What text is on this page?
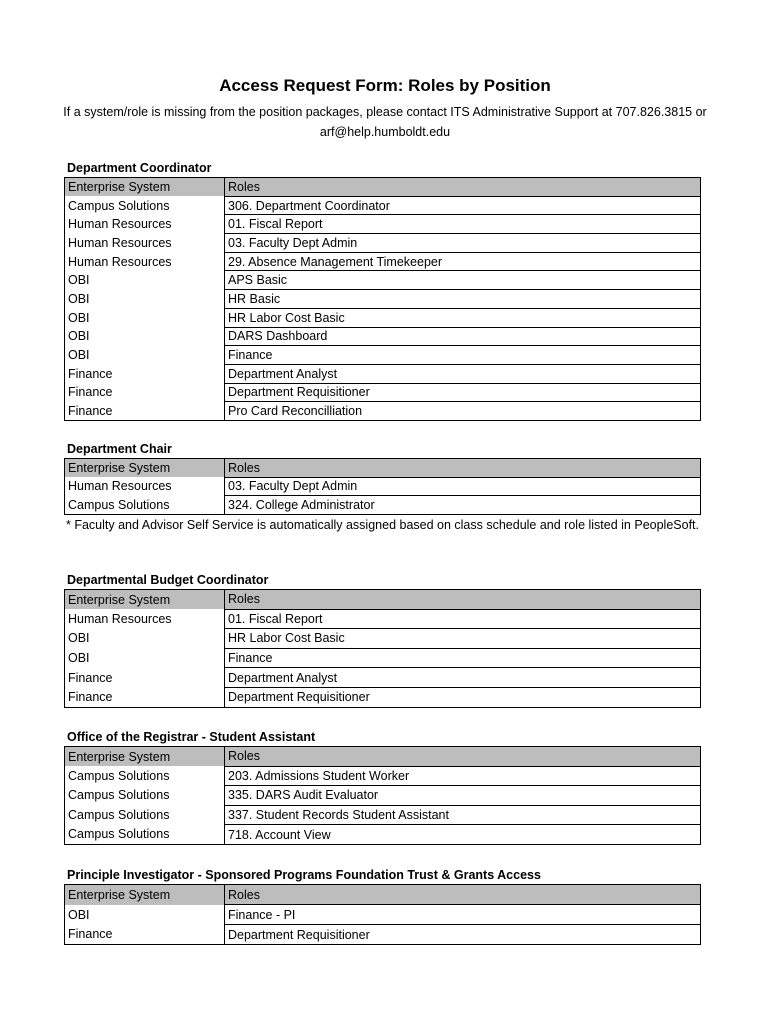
Access Request Form: Roles by Position
If a system/role is missing from the position packages, please contact ITS Administrative Support at 707.826.3815 or arf@help.humboldt.edu
Department Coordinator
Enterprise System	Roles
Campus Solutions	306. Department Coordinator
Human Resources	01. Fiscal Report
Human Resources	03. Faculty Dept Admin
Human Resources	29. Absence Management Timekeeper
OBI	APS Basic
OBI	HR Basic
OBI	HR Labor Cost Basic
OBI	DARS Dashboard
OBI	Finance
Finance	Department Analyst
Finance	Department Requisitioner
Finance	Pro Card Reconcilliation
Department Chair
Enterprise System	Roles
Human Resources	03. Faculty Dept Admin
Campus Solutions	324. College Administrator
* Faculty and Advisor Self Service is automatically assigned based on class schedule and role listed in PeopleSoft.
Departmental Budget Coordinator
Enterprise System	Roles
Human Resources	01. Fiscal Report
OBI	HR Labor Cost Basic
OBI	Finance
Finance	Department Analyst
Finance	Department Requisitioner
Office of the Registrar - Student Assistant
Enterprise System	Roles
Campus Solutions	203. Admissions Student Worker
Campus Solutions	335. DARS Audit Evaluator
Campus Solutions	337. Student Records Student Assistant
Campus Solutions	718. Account View
Principle Investigator - Sponsored Programs Foundation Trust & Grants Access
Enterprise System	Roles
OBI	Finance - PI
Finance	Department Requisitioner
